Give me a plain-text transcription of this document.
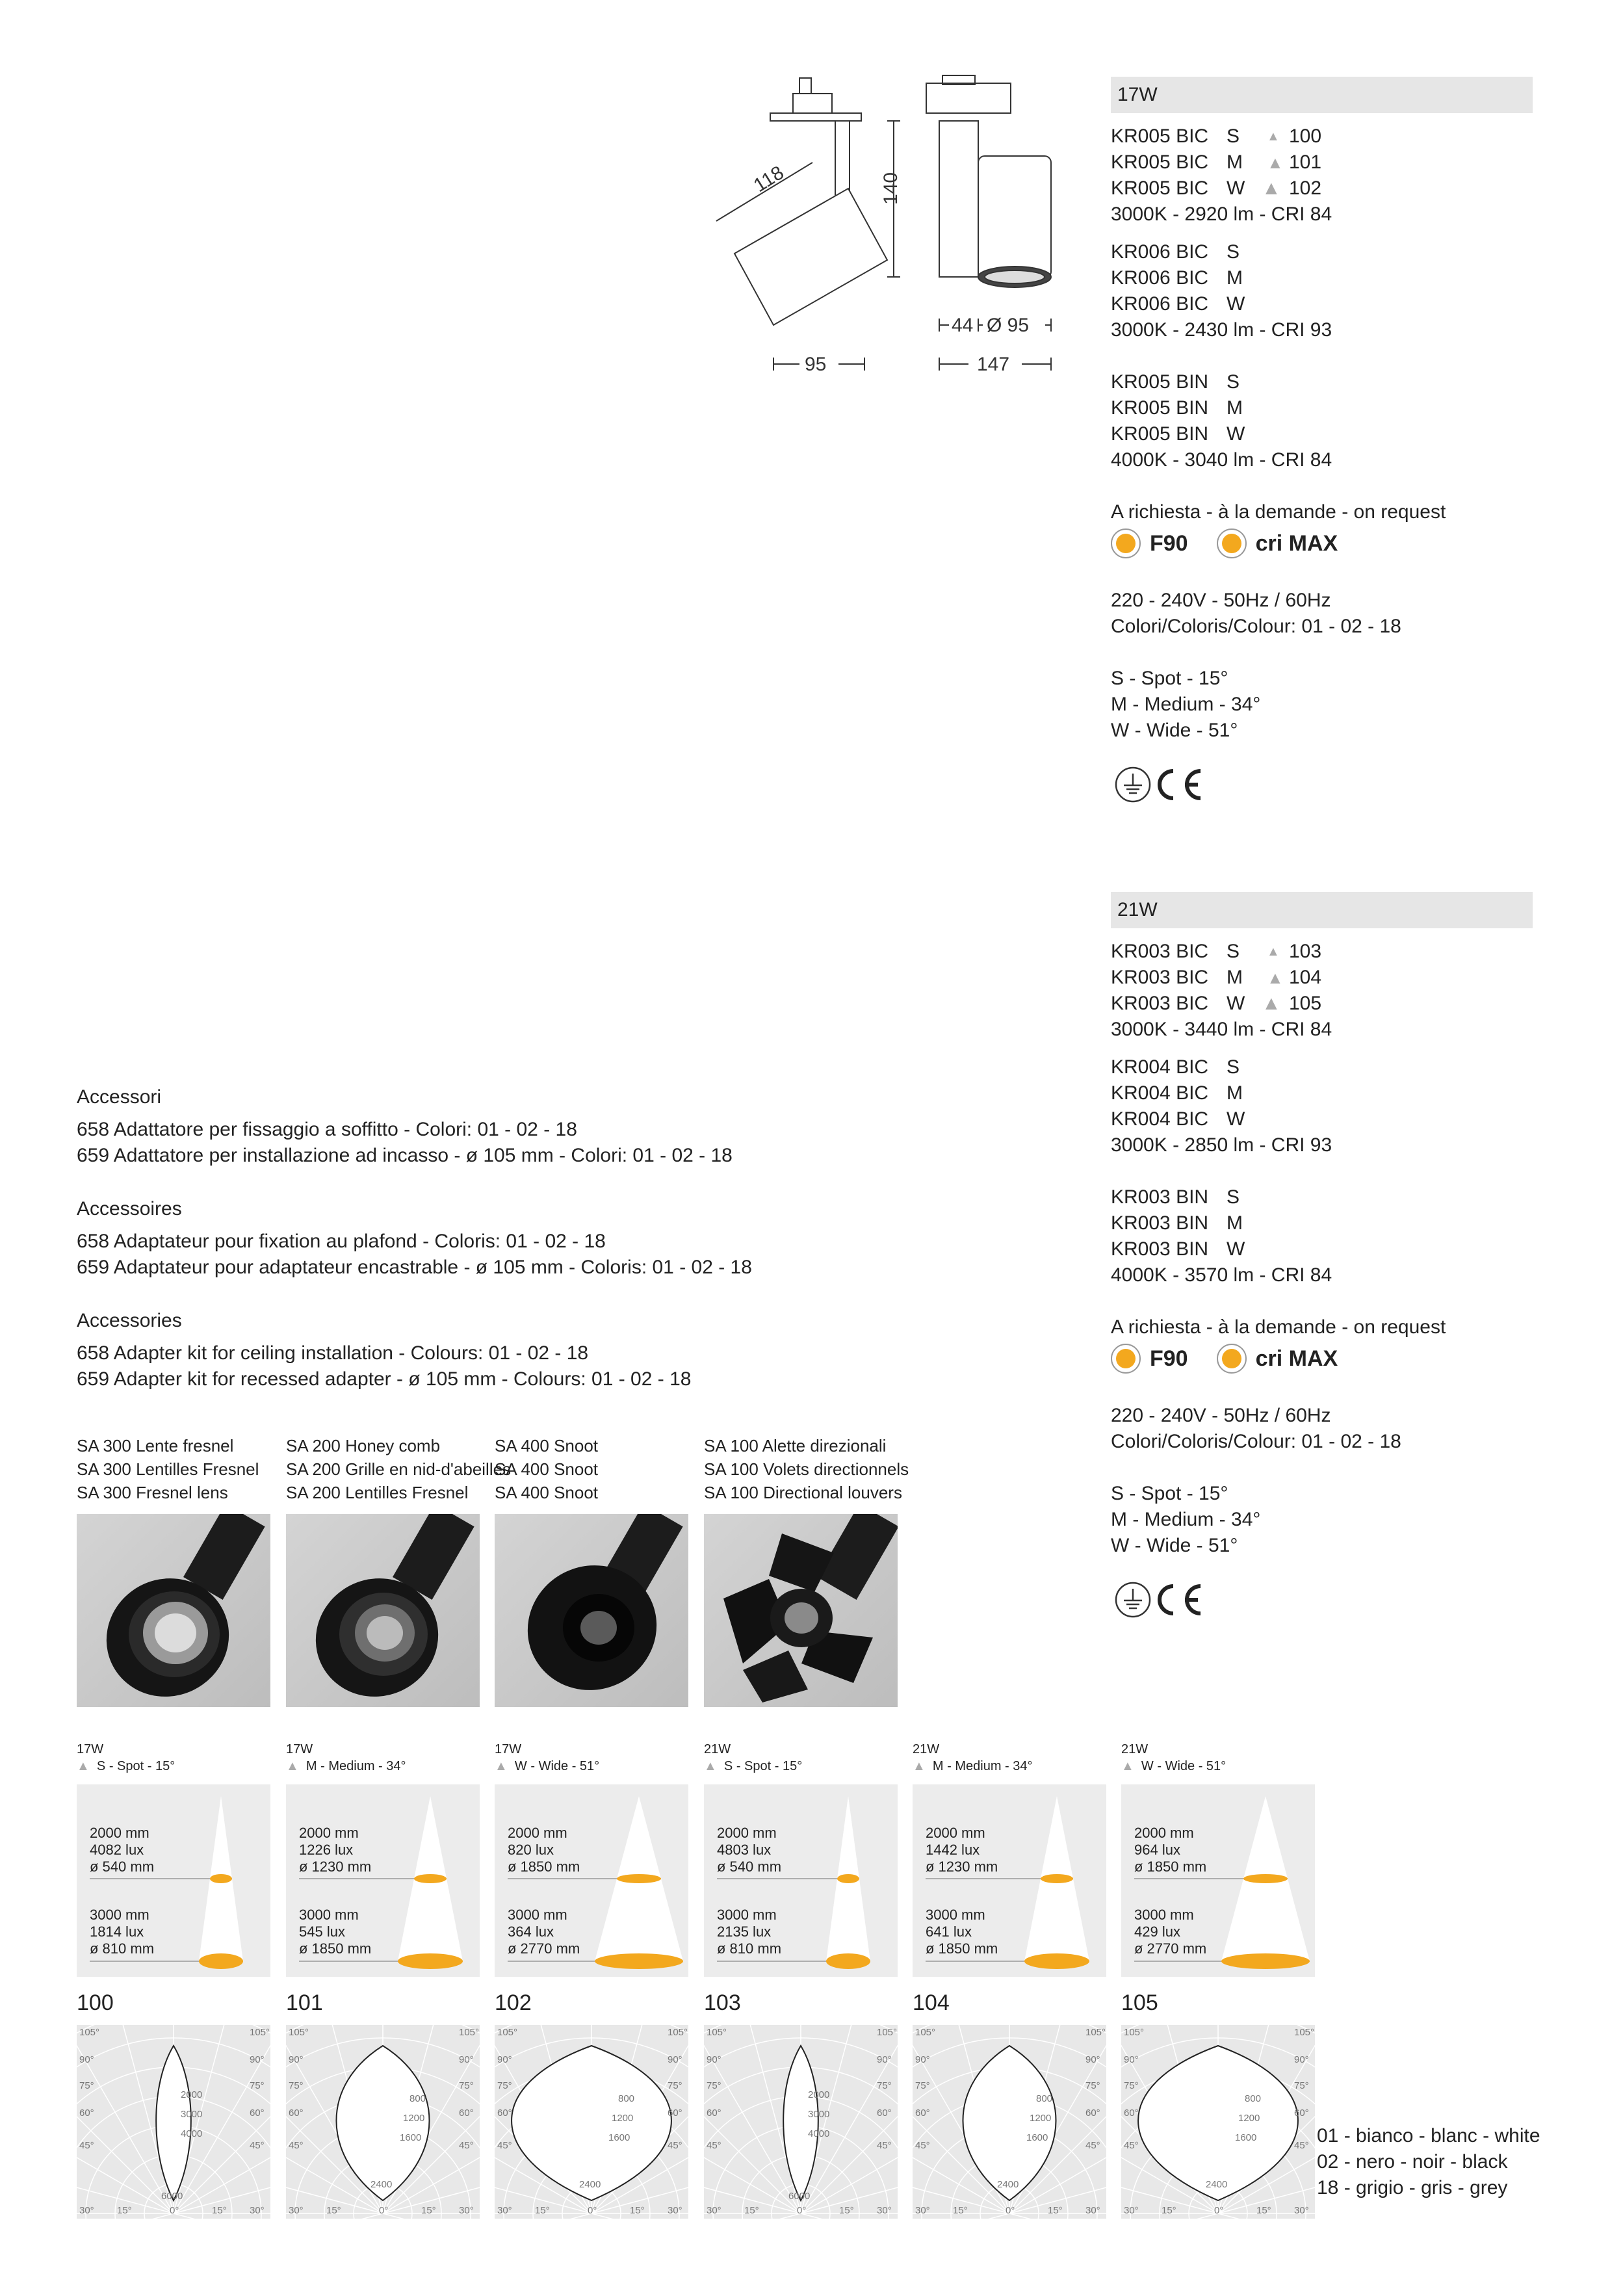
118	140
44 Ø 95
95	147
17W
KR005 BIC S ▲ 100
KR005 BIC M ▲ 101
KR005 BIC W ▲ 102
3000K - 2920 lm - CRI 84
KR006 BIC S
KR006 BIC M
KR006 BIC W
3000K - 2430 lm - CRI 93
KR005 BIN S
KR005 BIN M
KR005 BIN W
4000K - 3040 lm - CRI 84
A richiesta - à la demande - on request
F90	cri MAX
220 - 240V - 50Hz / 60Hz
Colori/Coloris/Colour: 01 - 02 - 18
S - Spot - 15°
M - Medium - 34°
W - Wide - 51°
21W
KR003 BIC S ▲ 103
KR003 BIC M ▲ 104
KR003 BIC W ▲ 105
3000K - 3440 lm - CRI 84
KR004 BIC S
KR004 BIC M
KR004 BIC W
3000K - 2850 lm - CRI 93
KR003 BIN S
KR003 BIN M
KR003 BIN W
4000K - 3570 lm - CRI 84
A richiesta - à la demande - on request
F90	cri MAX
220 - 240V - 50Hz / 60Hz
Colori/Coloris/Colour: 01 - 02 - 18
S - Spot - 15°
M - Medium - 34°
W - Wide - 51°
Accessori
658 Adattatore per fissaggio a soffitto - Colori: 01 - 02 - 18
659 Adattatore per installazione ad incasso - ø 105 mm - Colori: 01 - 02 - 18
Accessoires
658 Adaptateur pour fixation au plafond - Coloris: 01 - 02 - 18
659 Adaptateur pour adaptateur encastrable - ø 105 mm - Coloris: 01 - 02 - 18
Accessories
658 Adapter kit for ceiling installation - Colours: 01 - 02 - 18
659 Adapter kit for recessed adapter - ø 105 mm - Colours: 01 - 02 - 18
SA 300 Lente fresnel
SA 300 Lentilles Fresnel
SA 300 Fresnel lens
SA 200 Honey comb
SA 200 Grille en nid-d'abeilles
SA 200 Lentilles Fresnel
SA 400 Snoot
SA 400 Snoot
SA 400 Snoot
SA 100 Alette direzionali
SA 100 Volets directionnels
SA 100 Directional louvers
17W
▲ S - Spot - 15°
2000 mm
4082 lux
ø 540 mm
3000 mm
1814 lux
ø 810 mm
17W
▲ M - Medium - 34°
2000 mm
1226 lux
ø 1230 mm
3000 mm
545 lux
ø 1850 mm
17W
▲ W - Wide - 51°
2000 mm
820 lux
ø 1850 mm
3000 mm
364 lux
ø 2770 mm
21W
▲ S - Spot - 15°
2000 mm
4803 lux
ø 540 mm
3000 mm
2135 lux
ø 810 mm
21W
▲ M - Medium - 34°
2000 mm
1442 lux
ø 1230 mm
3000 mm
641 lux
ø 1850 mm
21W
▲ W - Wide - 51°
2000 mm
964 lux
ø 1850 mm
3000 mm
429 lux
ø 2770 mm
100
105°	105°
90°	90°
75°	75°
60°	60°
45°	45°
30°	30°
15°	15°
0°
2000
3000
4000
6000
101
105°	105°
90°	90°
75°	75°
60°	60°
45°	45°
30°	30°
15°	15°
0°
800
1200
1600
2400
102
105°	105°
90°	90°
75°	75°
60°	60°
45°	45°
30°	30°
15°	15°
0°
800
1200
1600
2400
103
105°	105°
90°	90°
75°	75°
60°	60°
45°	45°
30°	30°
15°	15°
0°
2000
3000
4000
6000
104
105°	105°
90°	90°
75°	75°
60°	60°
45°	45°
30°	30°
15°	15°
0°
800
1200
1600
2400
105
105°	105°
90°	90°
75°	75°
60°	60°
45°	45°
30°	30°
15°	15°
0°
800
1200
1600
2400
01 - bianco - blanc - white
02 - nero - noir - black
18 - grigio - gris - grey
